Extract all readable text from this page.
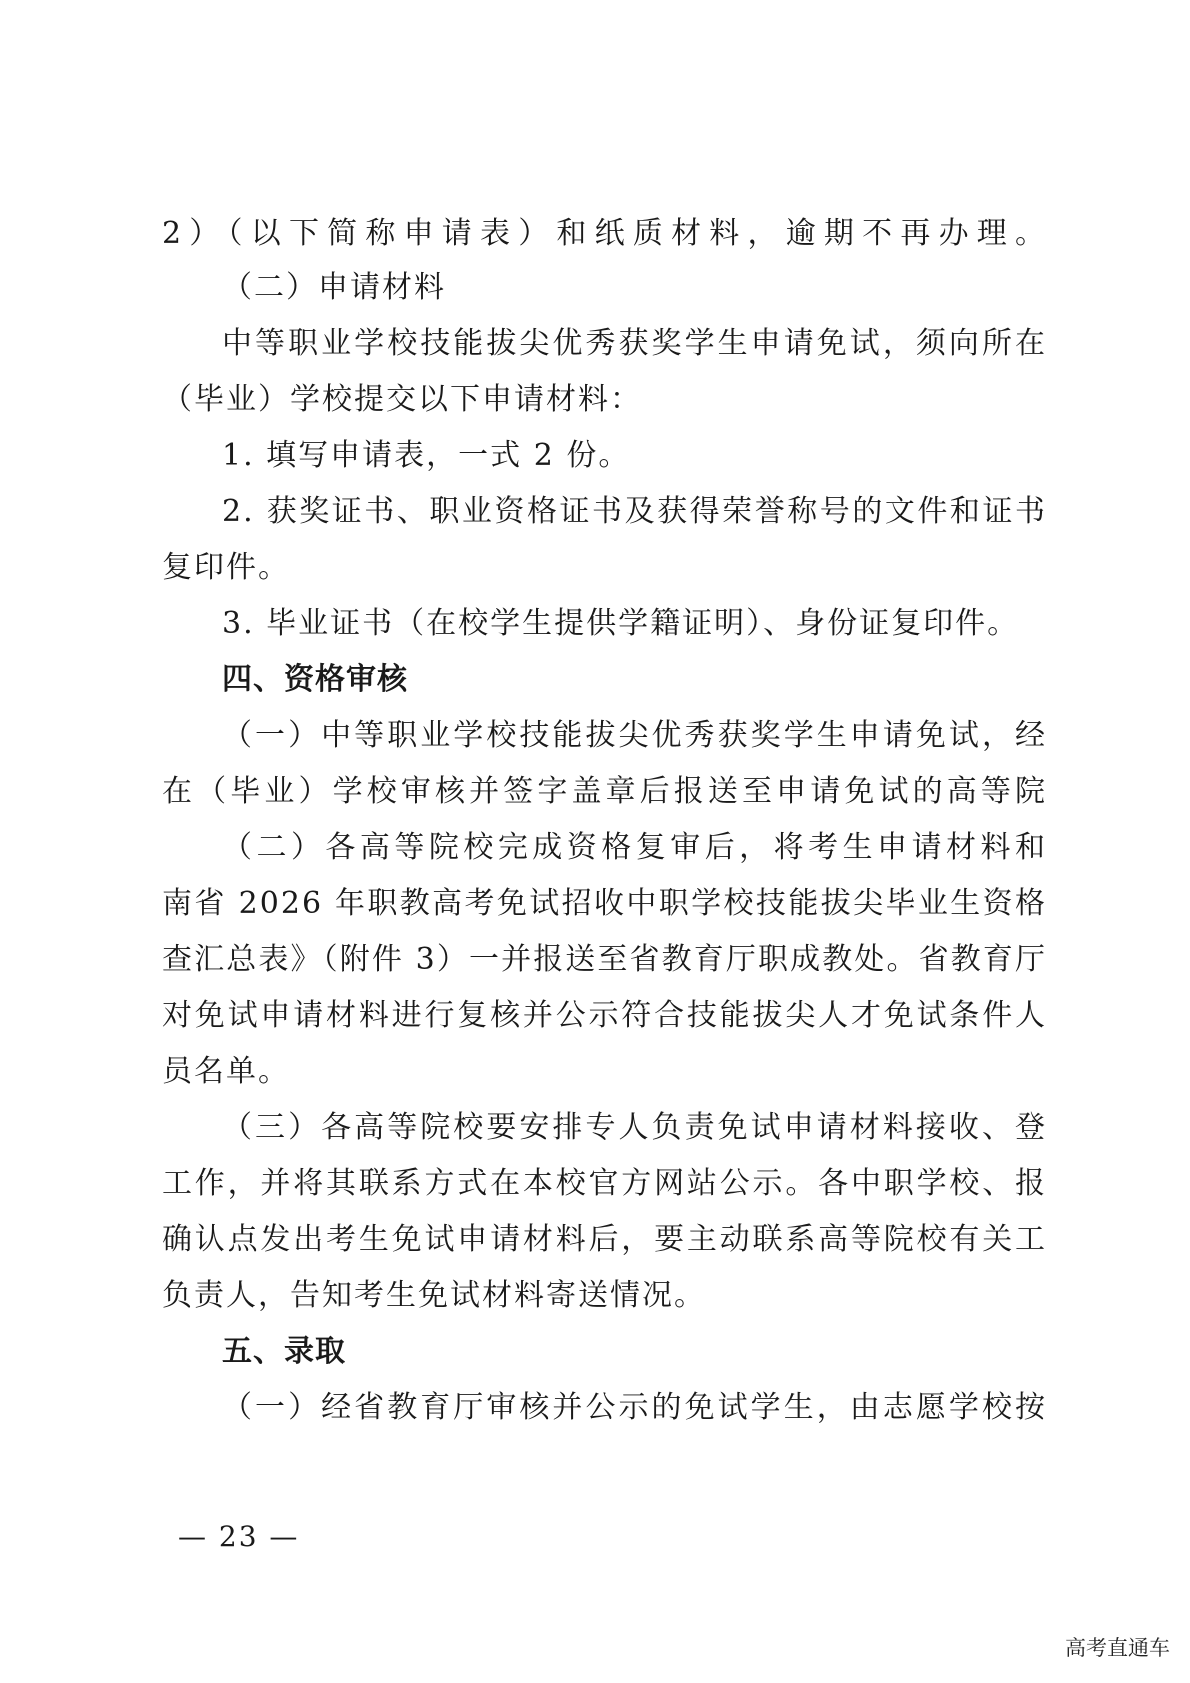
2）（以下简称申请表）和纸质材料，逾期不再办理。
（二）申请材料
中等职业学校技能拔尖优秀获奖学生申请免试，须向所在
（毕业）学校提交以下申请材料：
1. 填写申请表，一式 2 份。
2. 获奖证书、职业资格证书及获得荣誉称号的文件和证书
复印件。
3. 毕业证书（在校学生提供学籍证明）、身份证复印件。
四、资格审核
（一）中等职业学校技能拔尖优秀获奖学生申请免试，经
在（毕业）学校审核并签字盖章后报送至申请免试的高等院
（二）各高等院校完成资格复审后，将考生申请材料和
南省 2026 年职教高考免试招收中职学校技能拔尖毕业生资格
查汇总表》（附件 3）一并报送至省教育厅职成教处。省教育厅
对免试申请材料进行复核并公示符合技能拔尖人才免试条件人
员名单。
（三）各高等院校要安排专人负责免试申请材料接收、登
工作，并将其联系方式在本校官方网站公示。各中职学校、报
确认点发出考生免试申请材料后，要主动联系高等院校有关工
负责人，告知考生免试材料寄送情况。
五、录取
（一）经省教育厅审核并公示的免试学生，由志愿学校按
— 23 —
高考直通车
